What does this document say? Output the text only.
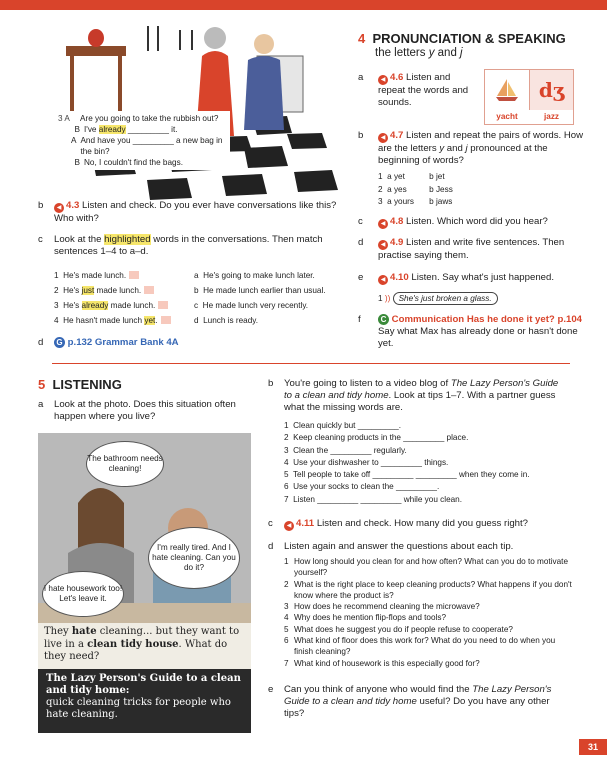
3 A	Are you going to take the rubbish out?
B I've already _________ it.
A And have you _________ a new bag in the bin?
B No, I couldn't find the bags.
b	◀ 4.3 Listen and check. Do you ever have conversations like this? Who with?
c Look at the highlighted words in the conversations. Then match sentences 1–4 to a–d.
1 He's made lunch.
2 He's just made lunch.
3 He's already made lunch.
4 He hasn't made lunch yet.
a He's going to make lunch later.
b He made lunch earlier than usual.
c He made lunch very recently.
d Lunch is ready.
d G p.132 Grammar Bank 4A
4 PRONUNCIATION & SPEAKING
the letters y and j
a	◀ 4.6 Listen and repeat the words and sounds.
dʒ
yacht	jazz
b	◀ 4.7 Listen and repeat the pairs of words. How are the letters y and j pronounced at the beginning of words?
1 a yet	b jet
2 a yes	b Jess
3 a yours b jaws
c	◀ 4.8 Listen. Which word did you hear?
d	◀ 4.9 Listen and write five sentences. Then practise saying them.
e	◀ 4.10 Listen. Say what's just happened.
1 )) She's just broken a glass.
f	C Communication Has he done it yet? p.104 Say what Max has already done or hasn't done yet.
5 LISTENING
a Look at the photo. Does this situation often happen where you live?
The bathroom needs cleaning!
I'm really tired. And I hate cleaning. Can you do it?
I hate housework too! Let's leave it.
They hate cleaning... but they want to live in a clean tidy house. What do they need?
The Lazy Person's Guide to a clean and tidy home:
quick cleaning tricks for people who hate cleaning.
b You're going to listen to a video blog of The Lazy Person's Guide to a clean and tidy home. Look at tips 1–7. With a partner guess what the missing words are.
1  Clean quickly but _________.
2  Keep cleaning products in the _________ place.
3  Clean the _________ regularly.
4  Use your dishwasher to _________ things.
5  Tell people to take off _________ _________ when they come in.
6  Use your socks to clean the _________.
7  Listen _________ _________ while you clean.
c	◀ 4.11 Listen and check. How many did you guess right?
d Listen again and answer the questions about each tip.
1 How long should you clean for and how often? What can you do to motivate yourself?
2 What is the right place to keep cleaning products? What happens if you don't know where the product is?
3 How does he recommend cleaning the microwave?
4 Why does he mention flip-flops and tools?
5 What does he suggest you do if people refuse to cooperate?
6 What kind of floor does this work for? What do you need to do when you finish cleaning?
7 What kind of housework is this especially good for?
e Can you think of anyone who would find the The Lazy Person's Guide to a clean and tidy home useful? Do you have any other tips?
31
